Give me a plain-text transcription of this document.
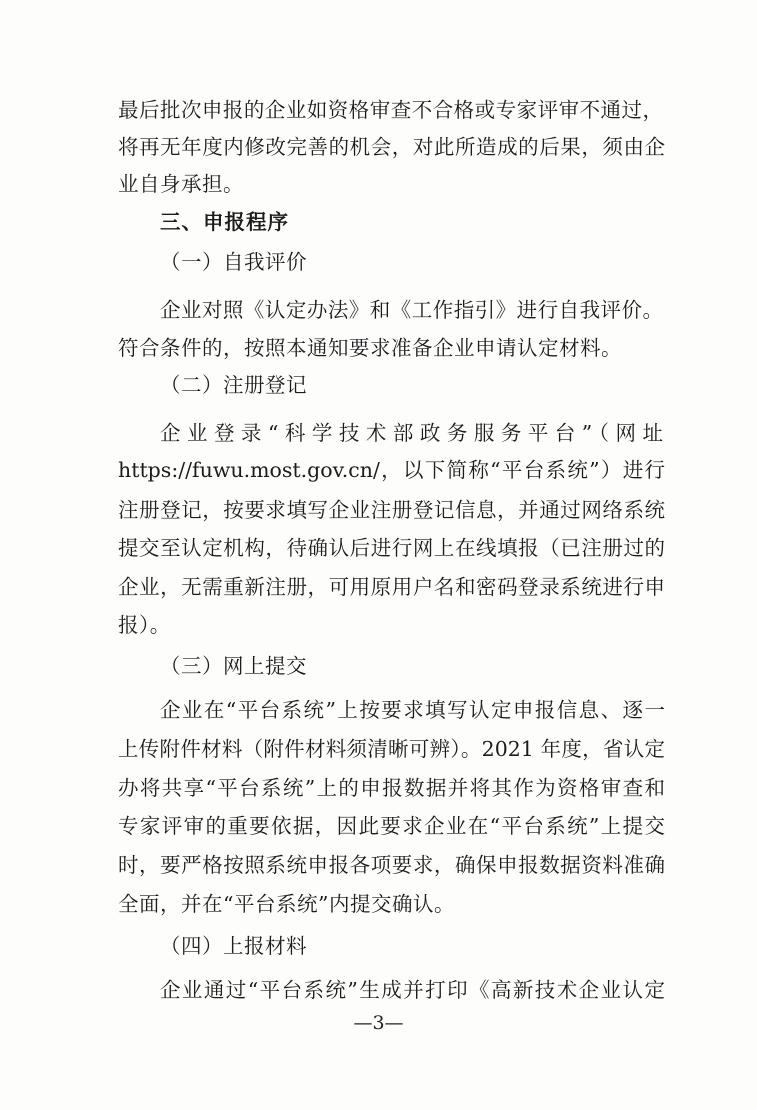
最后批次申报的企业如资格审查不合格或专家评审不通过，
将再无年度内修改完善的机会，对此所造成的后果，须由企
业自身承担。
三、申报程序
（一）自我评价
企业对照《认定办法》和《工作指引》进行自我评价。
符合条件的，按照本通知要求准备企业申请认定材料。
（二）注册登记
企业登录“科学技术部政务服务平台”（网址
https://fuwu.most.gov.cn/，以下简称“平台系统”）进行
注册登记，按要求填写企业注册登记信息，并通过网络系统
提交至认定机构，待确认后进行网上在线填报（已注册过的
企业，无需重新注册，可用原用户名和密码登录系统进行申
报）。
（三）网上提交
企业在“平台系统”上按要求填写认定申报信息、逐一
上传附件材料（附件材料须清晰可辨）。2021 年度，省认定
办将共享“平台系统”上的申报数据并将其作为资格审查和
专家评审的重要依据，因此要求企业在“平台系统”上提交
时，要严格按照系统申报各项要求，确保申报数据资料准确
全面，并在“平台系统”内提交确认。
（四）上报材料
企业通过“平台系统”生成并打印《高新技术企业认定
—3—
